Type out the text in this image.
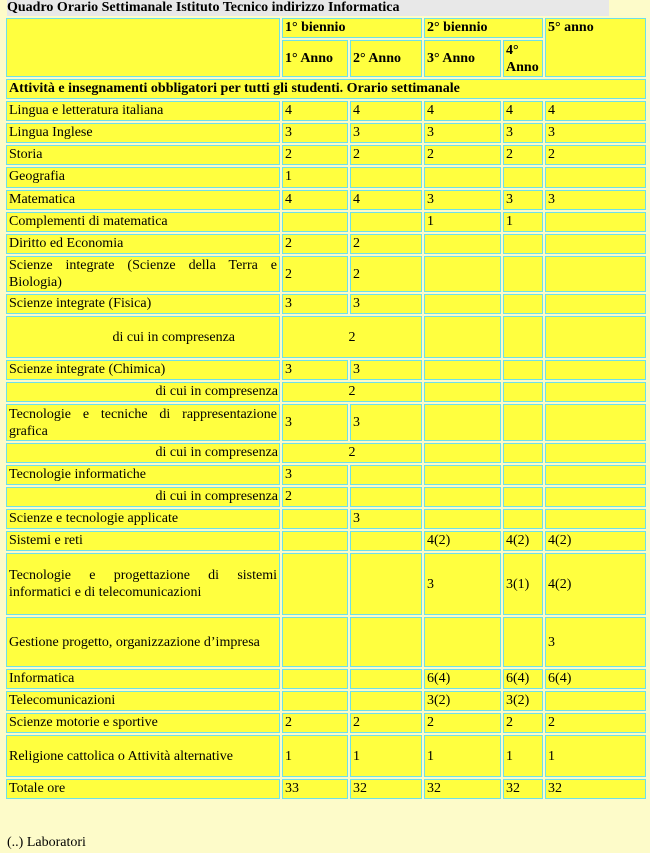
Quadro Orario Settimanale Istituto Tecnico indirizzo Informatica
	1° biennio		2° biennio		5° anno
	1° Anno	2° Anno	3° Anno	4° Anno	
Attività e insegnamenti obbligatori per tutti gli studenti. Orario settimanale					
Lingua e letteratura italiana	4	4	4	4	4
Lingua Inglese	3	3	3	3	3
Storia	2	2	2	2	2
Geografia	1				
Matematica	4	4	3	3	3
Complementi di matematica			1	1	
Diritto ed Economia	2	2			
Scienze integrate (Scienze della Terra e Biologia)	2	2			
Scienze integrate (Fisica)	3	3			
di cui in compresenza	2				
Scienze integrate (Chimica)	3	3			
di cui in compresenza	2				
Tecnologie e tecniche di rappresentazione grafica	3	3			
di cui in compresenza	2				
Tecnologie informatiche	3				
di cui in compresenza	2				
Scienze e tecnologie applicate		3			
Sistemi e reti			4(2)	4(2)	4(2)
Tecnologie e progettazione di sistemi informatici e di telecomunicazioni			3	3(1)	4(2)
Gestione progetto, organizzazione d’impresa					3
Informatica			6(4)	6(4)	6(4)
Telecomunicazioni			3(2)	3(2)	
Scienze motorie e sportive	2	2	2	2	2
Religione cattolica o Attività alternative	1	1	1	1	1
Totale ore	33	32	32	32	32
(..) Laboratori
